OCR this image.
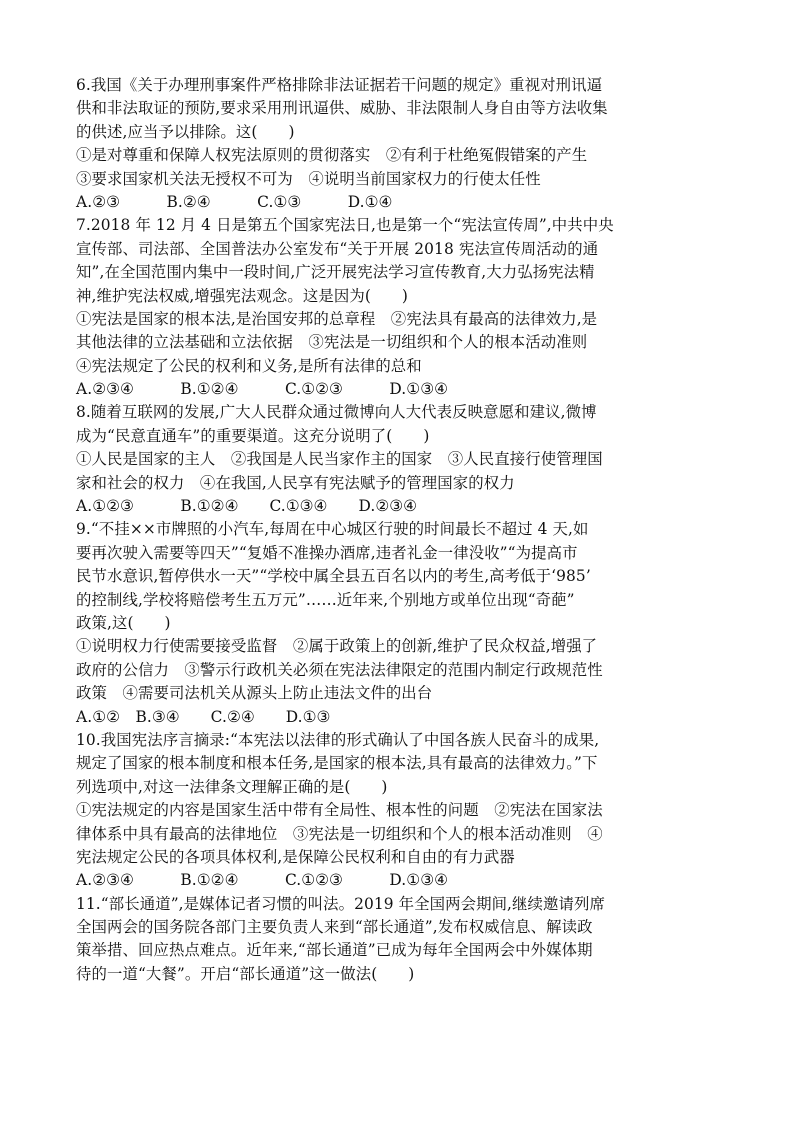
6.我国《关于办理刑事案件严格排除非法证据若干问题的规定》重视对刑讯逼
供和非法取证的预防,要求采用刑讯逼供、威胁、非法限制人身自由等方法收集
的供述,应当予以排除。这(　　)
①是对尊重和保障人权宪法原则的贯彻落实　②有利于杜绝冤假错案的产生
③要求国家机关法无授权不可为　④说明当前国家权力的行使太任性
A.②③　　　B.②④　　　C.①③　　　D.①④
7.2018 年 12 月 4 日是第五个国家宪法日,也是第一个“宪法宣传周”,中共中央
宣传部、司法部、全国普法办公室发布“关于开展 2018 宪法宣传周活动的通
知”,在全国范围内集中一段时间,广泛开展宪法学习宣传教育,大力弘扬宪法精
神,维护宪法权威,增强宪法观念。这是因为(　　)
①宪法是国家的根本法,是治国安邦的总章程　②宪法具有最高的法律效力,是
其他法律的立法基础和立法依据　③宪法是一切组织和个人的根本活动准则
④宪法规定了公民的权利和义务,是所有法律的总和
A.②③④　　　B.①②④　　　C.①②③　　　D.①③④
8.随着互联网的发展,广大人民群众通过微博向人大代表反映意愿和建议,微博
成为“民意直通车”的重要渠道。这充分说明了(　　)
①人民是国家的主人　②我国是人民当家作主的国家　③人民直接行使管理国
家和社会的权力　④在我国,人民享有宪法赋予的管理国家的权力
A.①②③　　　B.①②④　　C.①③④　　D.②③④
9.“不挂××市牌照的小汽车,每周在中心城区行驶的时间最长不超过 4 天,如
要再次驶入需要等四天”“复婚不准操办酒席,违者礼金一律没收”“为提高市
民节水意识,暂停供水一天”“学校中属全县五百名以内的考生,高考低于‘985’
的控制线,学校将赔偿考生五万元”……近年来,个别地方或单位出现“奇葩”
政策,这(　　)
①说明权力行使需要接受监督　②属于政策上的创新,维护了民众权益,增强了
政府的公信力　③警示行政机关必须在宪法法律限定的范围内制定行政规范性
政策　④需要司法机关从源头上防止违法文件的出台
A.①②　B.③④　　C.②④　　D.①③
10.我国宪法序言摘录:“本宪法以法律的形式确认了中国各族人民奋斗的成果,
规定了国家的根本制度和根本任务,是国家的根本法,具有最高的法律效力。”下
列选项中,对这一法律条文理解正确的是(　　)
①宪法规定的内容是国家生活中带有全局性、根本性的问题　②宪法在国家法
律体系中具有最高的法律地位　③宪法是一切组织和个人的根本活动准则　④
宪法规定公民的各项具体权利,是保障公民权利和自由的有力武器
A.②③④　　　B.①②④　　　C.①②③　　　D.①③④
11.“部长通道”,是媒体记者习惯的叫法。2019 年全国两会期间,继续邀请列席
全国两会的国务院各部门主要负责人来到“部长通道”,发布权威信息、解读政
策举措、回应热点难点。近年来,“部长通道”已成为每年全国两会中外媒体期
待的一道“大餐”。开启“部长通道”这一做法(　　)
